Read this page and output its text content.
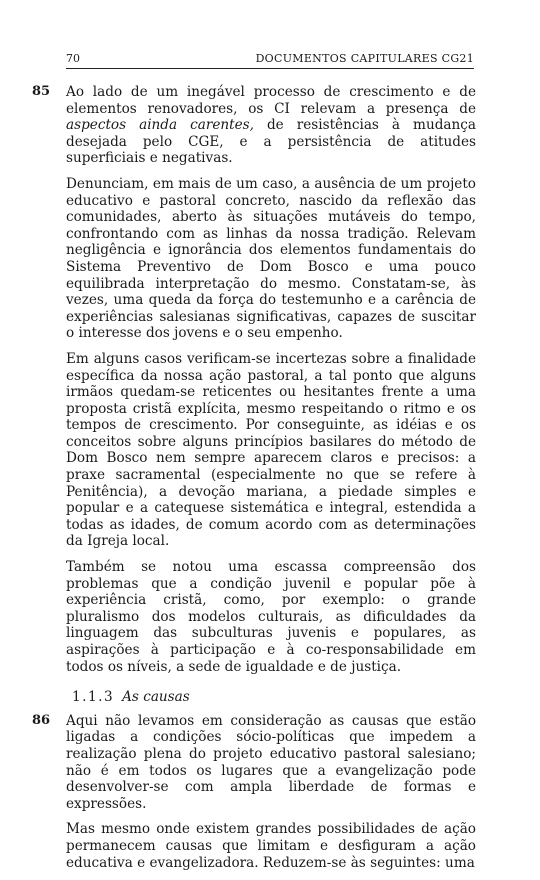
70	DOCUMENTOS CAPITULARES CG21

85 Ao lado de um inegável processo de crescimento e de elementos renovadores, os CI relevam a presença de aspectos ainda carentes, de resistências à mudança desejada pelo CGE, e a persistência de atitudes superficiais e negativas.

Denunciam, em mais de um caso, a ausência de um projeto educativo e pastoral concreto, nascido da reflexão das comunidades, aberto às situações mutáveis do tempo, confrontando com as linhas da nossa tradição. Relevam negligência e ignorância dos elementos fundamentais do Sistema Preventivo de Dom Bosco e uma pouco equilibrada interpretação do mesmo. Constatam-se, às vezes, uma queda da força do testemunho e a carência de experiências salesianas significativas, capazes de suscitar o interesse dos jovens e o seu empenho.

Em alguns casos verificam-se incertezas sobre a finalidade específica da nossa ação pastoral, a tal ponto que alguns irmãos quedam-se reticentes ou hesitantes frente a uma proposta cristã explícita, mesmo respeitando o ritmo e os tempos de crescimento. Por conseguinte, as idéias e os conceitos sobre alguns princípios basilares do método de Dom Bosco nem sempre aparecem claros e precisos: a praxe sacramental (especialmente no que se refere à Penitência), a devoção mariana, a piedade simples e popular e a catequese sistemática e integral, estendida a todas as idades, de comum acordo com as determinações da Igreja local.

Também se notou uma escassa compreensão dos problemas que a condição juvenil e popular põe à experiência cristã, como, por exemplo: o grande pluralismo dos modelos culturais, as dificuldades da linguagem das subculturas juvenis e populares, as aspirações à participação e à co-responsabilidade em todos os níveis, a sede de igualdade e de justiça.

1.1.3 As causas

86 Aqui não levamos em consideração as causas que estão ligadas a condições sócio-políticas que impedem a realização plena do projeto educativo pastoral salesiano; não é em todos os lugares que a evangelização pode desenvolver-se com ampla liberdade de formas e expressões.

Mas mesmo onde existem grandes possibilidades de ação permanecem causas que limitam e desfiguram a ação educativa e evangelizadora. Reduzem-se às seguintes: uma
